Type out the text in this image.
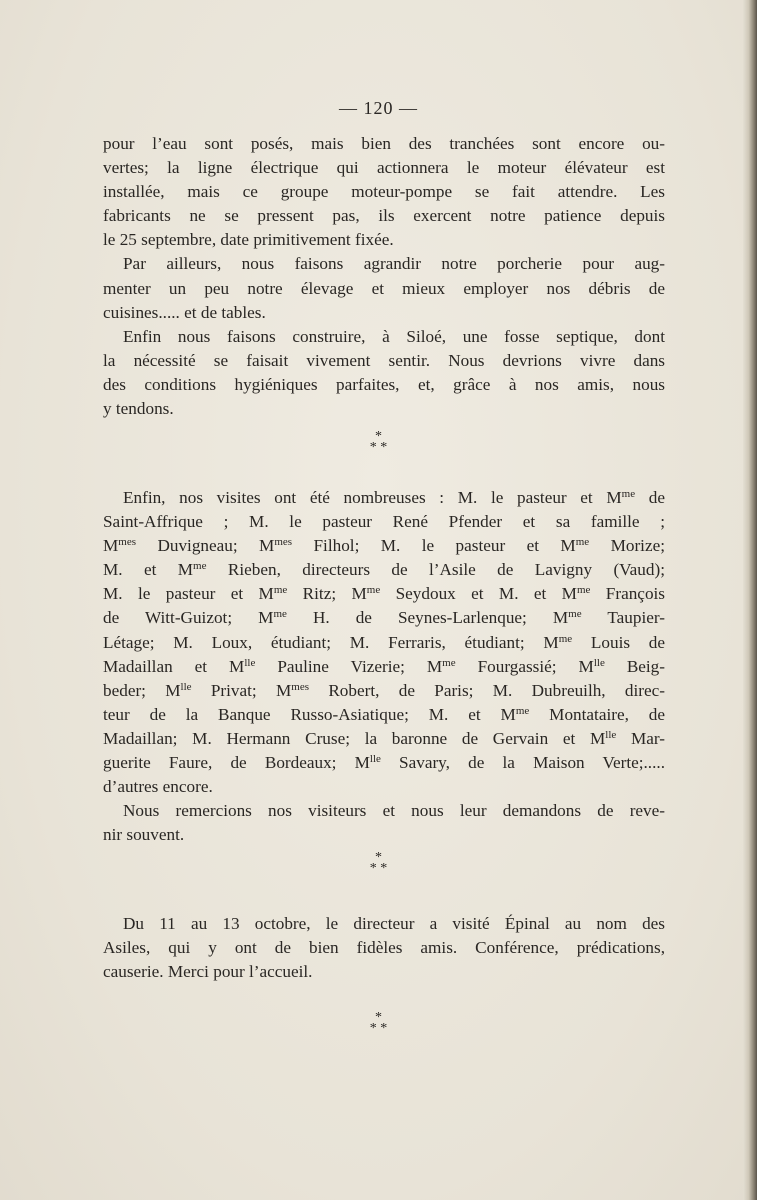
— 120 —

pour l’eau sont posés, mais bien des tranchées sont encore ou-

vertes; la ligne électrique qui actionnera le moteur élévateur est

installée, mais ce groupe moteur-pompe se fait attendre. Les

fabricants ne se pressent pas, ils exercent notre patience depuis

le 25 septembre, date primitivement fixée.

Par ailleurs, nous faisons agrandir notre porcherie pour aug-

menter un peu notre élevage et mieux employer nos débris de

cuisines..... et de tables.

Enfin nous faisons construire, à Siloé, une fosse septique, dont

la nécessité se faisait vivement sentir. Nous devrions vivre dans

des conditions hygiéniques parfaites, et, grâce à nos amis, nous

y tendons.

*
* *

Enfin, nos visites ont été nombreuses : M. le pasteur et $M^{me}$ de

Saint-Affrique ; M. le pasteur René Pfender et sa famille ;

$M^{mes}$ Duvigneau; $M^{mes}$ Filhol; M. le pasteur et $M^{me}$ Morize;

M. et $M^{me}$ Rieben, directeurs de l’Asile de Lavigny (Vaud);

M. le pasteur et $M^{me}$ Ritz; $M^{me}$ Seydoux et M. et $M^{me}$ François

de Witt-Guizot; $M^{me}$ H. de Seynes-Larlenque; $M^{me}$ Taupier-

Létage; M. Loux, étudiant; M. Ferraris, étudiant; $M^{me}$ Louis de

Madaillan et $M^{lle}$ Pauline Vizerie; $M^{me}$ Fourgassié; $M^{lle}$ Beig-

beder; $M^{lle}$ Privat; $M^{mes}$ Robert, de Paris; M. Dubreuilh, direc-

teur de la Banque Russo-Asiatique; M. et $M^{me}$ Montataire, de

Madaillan; M. Hermann Cruse; la baronne de Gervain et $M^{lle}$ Mar-

guerite Faure, de Bordeaux; $M^{lle}$ Savary, de la Maison Verte;.....

d’autres encore.

Nous remercions nos visiteurs et nous leur demandons de reve-

nir souvent.

*
* *

Du 11 au 13 octobre, le directeur a visité Épinal au nom des

Asiles, qui y ont de bien fidèles amis. Conférence, prédications,

causerie. Merci pour l’accueil.

*
* *
